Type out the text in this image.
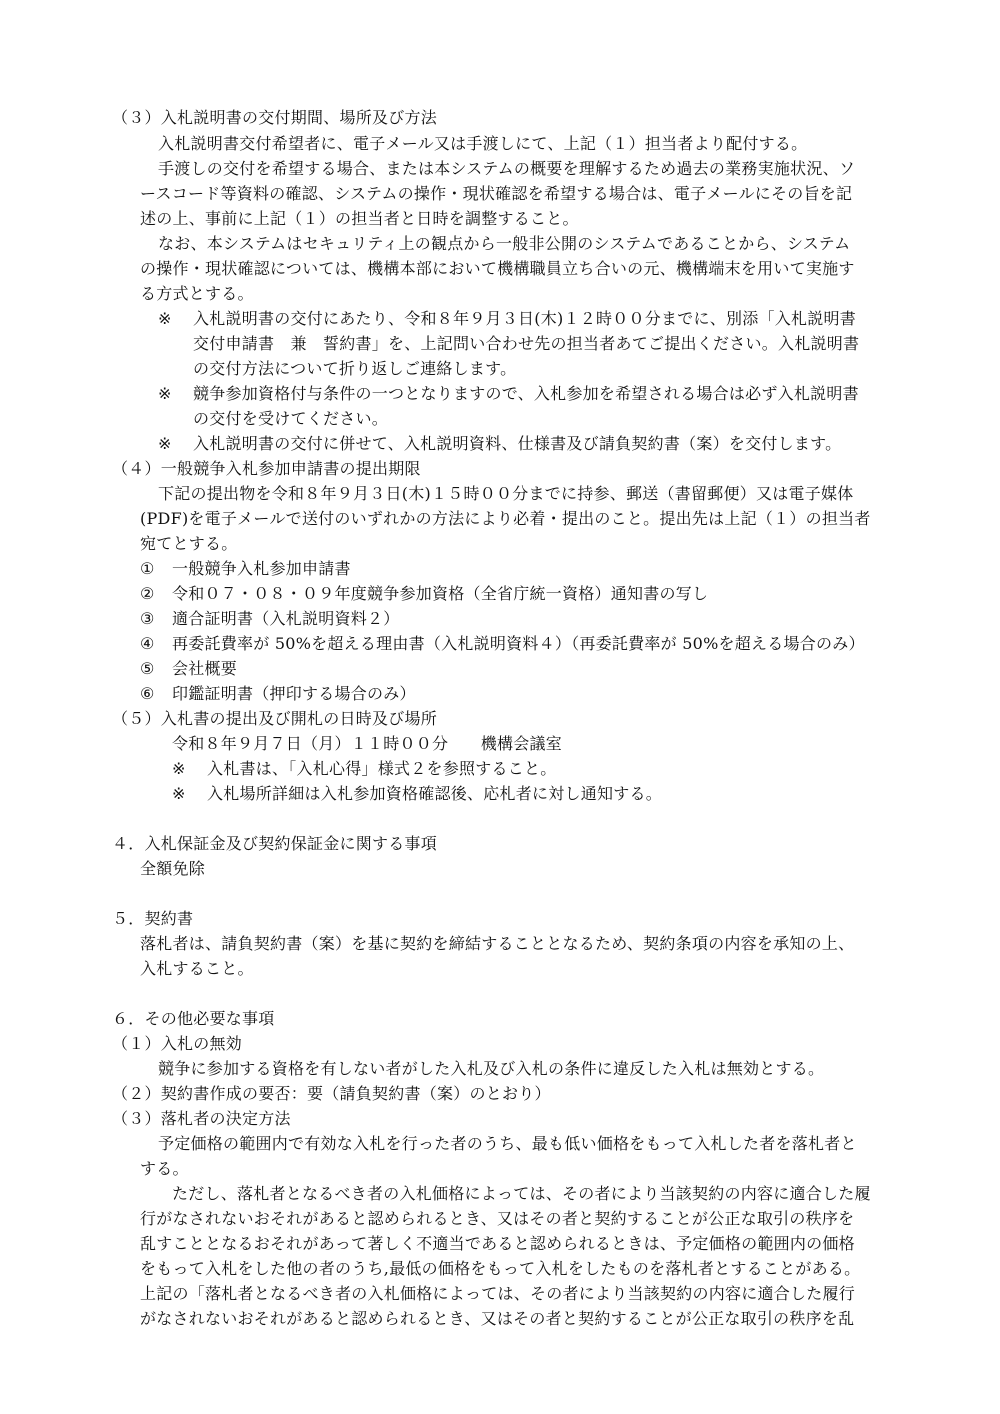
（３）入札説明書の交付期間、場所及び方法
入札説明書交付希望者に、電子メール又は手渡しにて、上記（１）担当者より配付する。
手渡しの交付を希望する場合、または本システムの概要を理解するため過去の業務実施状況、ソ
ースコード等資料の確認、システムの操作・現状確認を希望する場合は、電子メールにその旨を記
述の上、事前に上記（１）の担当者と日時を調整すること。
なお、本システムはセキュリティ上の観点から一般非公開のシステムであることから、システム
の操作・現状確認については、機構本部において機構職員立ち合いの元、機構端末を用いて実施す
る方式とする。
※ 入札説明書の交付にあたり、令和８年９月３日(木)１２時００分までに、別添「入札説明書
交付申請書　兼　誓約書」を、上記問い合わせ先の担当者あてご提出ください。入札説明書
の交付方法について折り返しご連絡します。
※ 競争参加資格付与条件の一つとなりますので、入札参加を希望される場合は必ず入札説明書
の交付を受けてください。
※ 入札説明書の交付に併せて、入札説明資料、仕様書及び請負契約書（案）を交付します。
（４）一般競争入札参加申請書の提出期限
下記の提出物を令和８年９月３日(木)１５時００分までに持参、郵送（書留郵便）又は電子媒体
(PDF)を電子メールで送付のいずれかの方法により必着・提出のこと。提出先は上記（１）の担当者
宛てとする。
① 一般競争入札参加申請書
② 令和０７・０８・０９年度競争参加資格（全省庁統一資格）通知書の写し
③ 適合証明書（入札説明資料２）
④ 再委託費率が 50%を超える理由書（入札説明資料４）（再委託費率が 50%を超える場合のみ）
⑤ 会社概要
⑥ 印鑑証明書（押印する場合のみ）
（５）入札書の提出及び開札の日時及び場所
令和８年９月７日（月）１１時００分　　機構会議室
※ 入札書は、「入札心得」様式２を参照すること。
※ 入札場所詳細は入札参加資格確認後、応札者に対し通知する。
４．入札保証金及び契約保証金に関する事項
全額免除
５．契約書
落札者は、請負契約書（案）を基に契約を締結することとなるため、契約条項の内容を承知の上、
入札すること。
６．その他必要な事項
（１）入札の無効
競争に参加する資格を有しない者がした入札及び入札の条件に違反した入札は無効とする。
（２）契約書作成の要否：要（請負契約書（案）のとおり）
（３）落札者の決定方法
予定価格の範囲内で有効な入札を行った者のうち、最も低い価格をもって入札した者を落札者と
する。
ただし、落札者となるべき者の入札価格によっては、その者により当該契約の内容に適合した履
行がなされないおそれがあると認められるとき、又はその者と契約することが公正な取引の秩序を
乱すこととなるおそれがあって著しく不適当であると認められるときは、予定価格の範囲内の価格
をもって入札をした他の者のうち,最低の価格をもって入札をしたものを落札者とすることがある。
上記の「落札者となるべき者の入札価格によっては、その者により当該契約の内容に適合した履行
がなされないおそれがあると認められるとき、又はその者と契約することが公正な取引の秩序を乱
